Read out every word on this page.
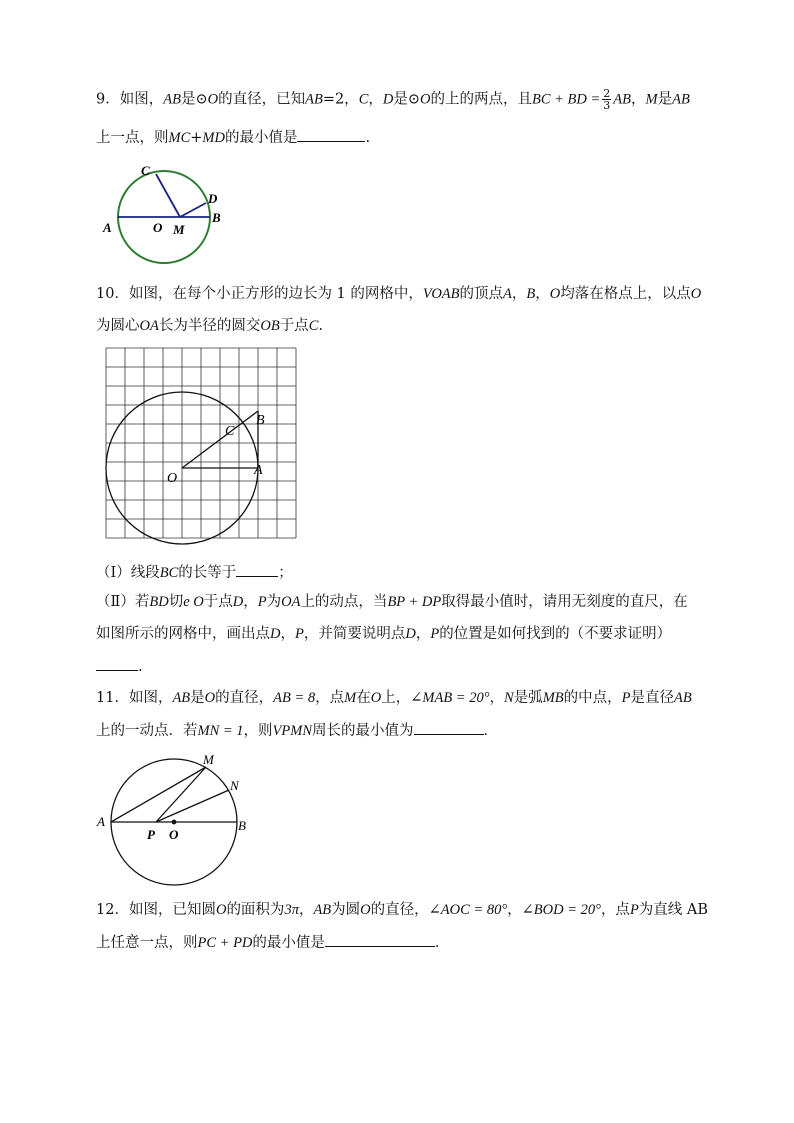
9．如图，AB是⊙O的直径，已知AB=2，C，D是⊙O的上的两点，且BC + BD = $\frac{2}{3}$ AB，M是AB
上一点，则MC+MD的最小值是	.
A
B
C
D
O M
10．如图，在每个小正方形的边长为 1 的网格中，VOAB的顶点A，B，O均落在格点上，以点O
为圆心OA长为半径的圆交OB于点C.
O
A
B
C
（Ⅰ）线段BC的长等于	；
（Ⅱ）若BD切e O于点D，P为OA上的动点，当BP + DP取得最小值时，请用无刻度的直尺，在
如图所示的网格中，画出点D，P，并简要说明点D，P的位置是如何找到的（不要求证明）
.
11．如图，AB是O的直径，AB = 8，点M在O上，∠MAB = 20°，N是弧MB的中点，P是直径AB
上的一动点．若MN = 1，则VPMN周长的最小值为	．
A	B
M
N
P O
12．如图，已知圆O的面积为3π，AB为圆O的直径，∠AOC = 80°，∠BOD = 20°，点P为直线 AB
上任意一点，则PC + PD的最小值是	．
